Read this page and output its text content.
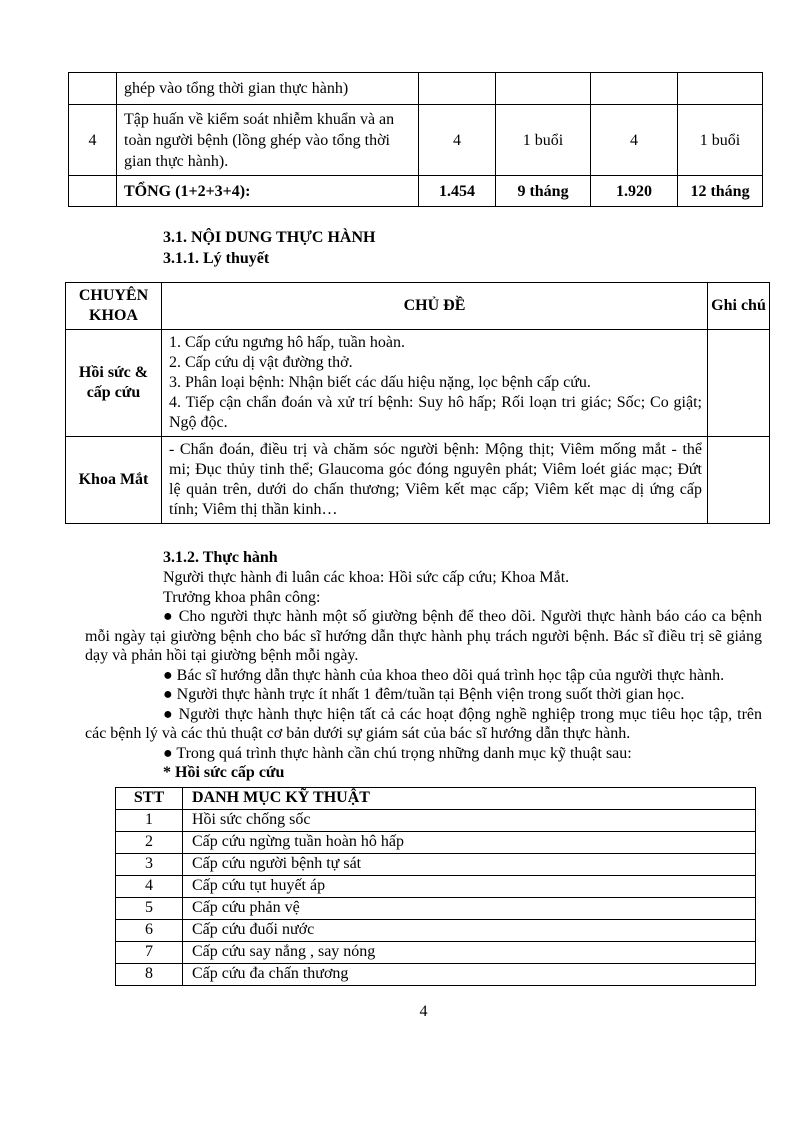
	ghép vào tổng thời gian thực hành)				
4	Tập huấn về kiểm soát nhiễm khuẩn và an toàn người bệnh (lồng ghép vào tổng thời gian thực hành).	4	1 buổi	4	1 buổi
	TỔNG (1+2+3+4):	1.454	9 tháng	1.920	12 tháng
3.1. NỘI DUNG THỰC HÀNH
3.1.1. Lý thuyết
CHUYÊN KHOA	CHỦ ĐỀ	Ghi chú
Hồi sức & cấp cứu	1. Cấp cứu ngưng hô hấp, tuần hoàn.
2. Cấp cứu dị vật đường thở.
3. Phân loại bệnh: Nhận biết các dấu hiệu nặng, lọc bệnh cấp cứu.
4. Tiếp cận chẩn đoán và xử trí bệnh: Suy hô hấp; Rối loạn tri giác; Sốc; Co giật; Ngộ độc.	

Khoa Mắt	- Chẩn đoán, điều trị và chăm sóc người bệnh: Mộng thịt; Viêm mống mắt - thể mi; Đục thủy tinh thể; Glaucoma góc đóng nguyên phát; Viêm loét giác mạc; Đứt lệ quản trên, dưới do chấn thương; Viêm kết mạc cấp; Viêm kết mạc dị ứng cấp tính; Viêm thị thần kinh…	

3.1.2. Thực hành

Người thực hành đi luân các khoa: Hồi sức cấp cứu; Khoa Mắt.

Trưởng khoa phân công:

● Cho người thực hành một số giường bệnh để theo dõi. Người thực hành báo cáo ca bệnh mỗi ngày tại giường bệnh cho bác sĩ hướng dẫn thực hành phụ trách người bệnh. Bác sĩ điều trị sẽ giảng dạy và phản hồi tại giường bệnh mỗi ngày.

● Bác sĩ hướng dẫn thực hành của khoa theo dõi quá trình học tập của người thực hành.

● Người thực hành trực ít nhất 1 đêm/tuần tại Bệnh viện trong suốt thời gian học.

● Người thực hành thực hiện tất cả các hoạt động nghề nghiệp trong mục tiêu học tập, trên các bệnh lý và các thủ thuật cơ bản dưới sự giám sát của bác sĩ hướng dẫn thực hành.

● Trong quá trình thực hành cần chú trọng những danh mục kỹ thuật sau:

* Hồi sức cấp cứu
STT	DANH MỤC KỸ THUẬT
1	Hồi sức chống sốc
2	Cấp cứu ngừng tuần hoàn hô hấp
3	Cấp cứu người bệnh tự sát
4	Cấp cứu tụt huyết áp
5	Cấp cứu phản vệ
6	Cấp cứu đuối nước
7	Cấp cứu say nắng , say nóng
8	Cấp cứu đa chấn thương
4
